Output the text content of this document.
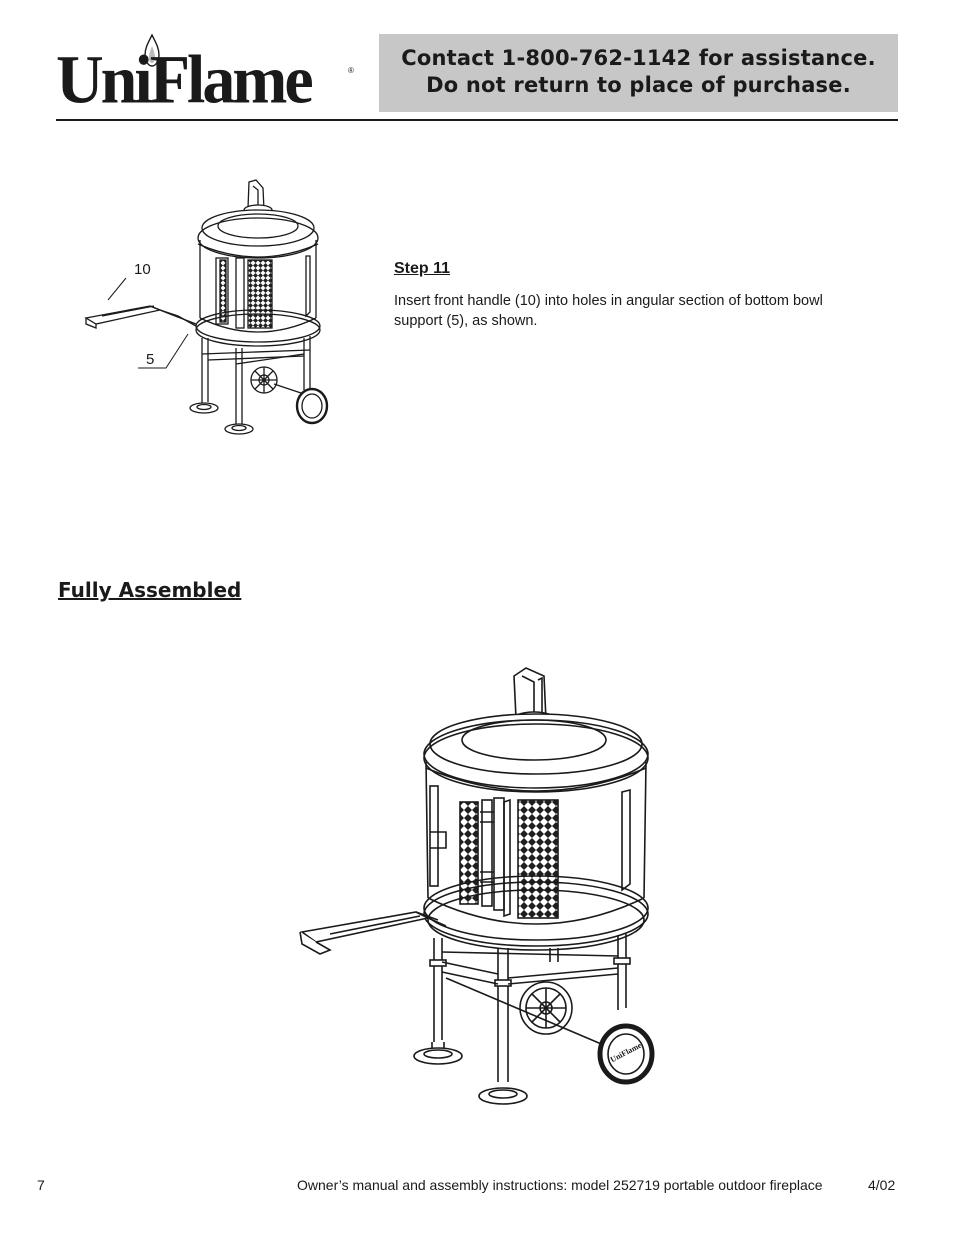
UniFlame	®
Contact 1-800-762-1142 for assistance.
Do not return to place of purchase.
10
5
Step 11
Insert front handle (10) into holes in angular section of bottom bowl support (5), as shown.
Fully Assembled
UniFlame
7	Owner’s manual and assembly instructions: model 252719 portable outdoor fireplace	4/02
